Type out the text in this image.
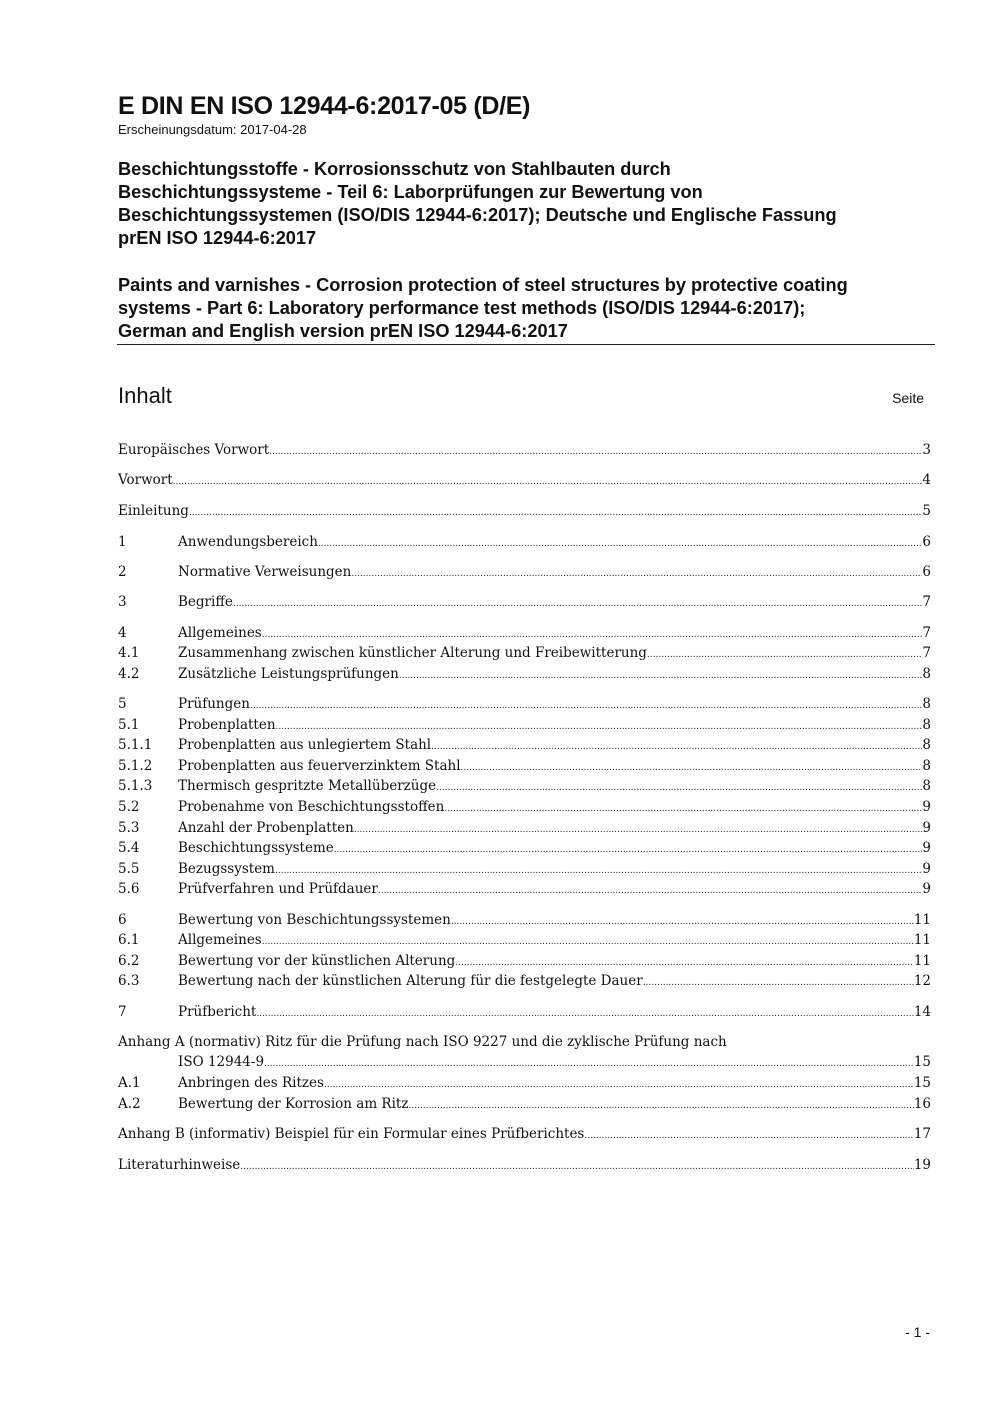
E DIN EN ISO 12944-6:2017-05 (D/E)
Erscheinungsdatum: 2017-04-28
Beschichtungsstoffe - Korrosionsschutz von Stahlbauten durch
Beschichtungssysteme - Teil 6: Laborprüfungen zur Bewertung von
Beschichtungssystemen (ISO/DIS 12944-6:2017); Deutsche und Englische Fassung
prEN ISO 12944-6:2017
Paints and varnishes - Corrosion protection of steel structures by protective coating
systems - Part 6: Laboratory performance test methods (ISO/DIS 12944-6:2017);
German and English version prEN ISO 12944-6:2017
Inhalt	Seite
Europäisches Vorwort .....	3
Vorwort .....	4
Einleitung .....	5
1	Anwendungsbereich .....	6
2	Normative Verweisungen .....	6
3	Begriffe .....	7
4	Allgemeines .....	7
4.1	Zusammenhang zwischen künstlicher Alterung und Freibewitterung .....	7
4.2	Zusätzliche Leistungsprüfungen .....	8
5	Prüfungen .....	8
5.1	Probenplatten .....	8
5.1.1	Probenplatten aus unlegiertem Stahl .....	8
5.1.2	Probenplatten aus feuerverzinktem Stahl .....	8
5.1.3	Thermisch gespritzte Metallüberzüge .....	8
5.2	Probenahme von Beschichtungsstoffen .....	9
5.3	Anzahl der Probenplatten .....	9
5.4	Beschichtungssysteme .....	9
5.5	Bezugssystem .....	9
5.6	Prüfverfahren und Prüfdauer .....	9
6	Bewertung von Beschichtungssystemen .....	11
6.1	Allgemeines .....	11
6.2	Bewertung vor der künstlichen Alterung .....	11
6.3	Bewertung nach der künstlichen Alterung für die festgelegte Dauer .....	12
7	Prüfbericht .....	14
Anhang A (normativ) Ritz für die Prüfung nach ISO 9227 und die zyklische Prüfung nach
ISO 12944-9 .....	15
A.1	Anbringen des Ritzes .....	15
A.2	Bewertung der Korrosion am Ritz .....	16
Anhang B (informativ) Beispiel für ein Formular eines Prüfberichtes .....	17
Literaturhinweise .....	19
- 1 -
